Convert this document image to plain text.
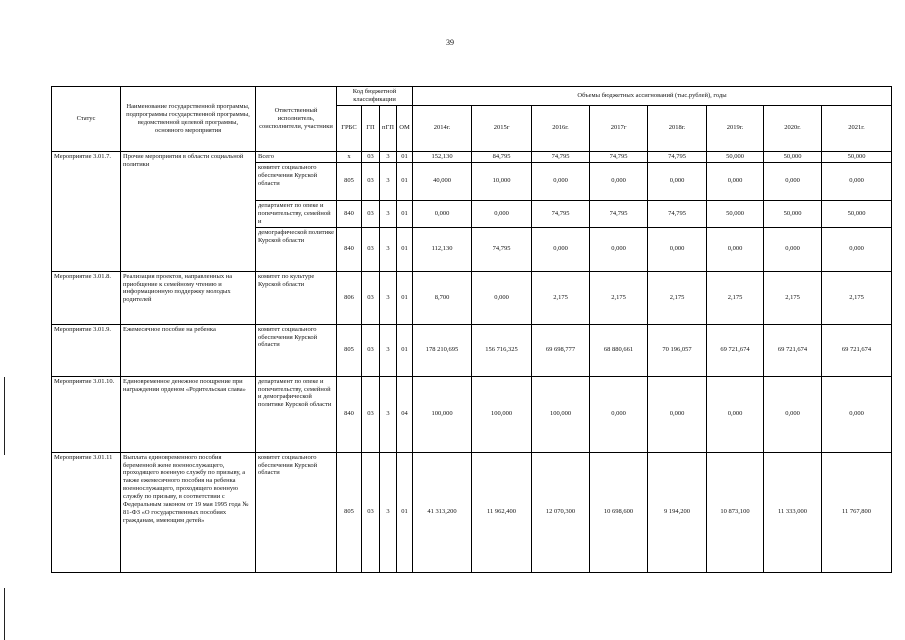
39
Статус	Наименование государственной программы, подпрограммы государственной программы, ведомственной целевой программы, основного мероприятия	Ответственный исполнитель, соисполнители, участники	Код бюджетной классификации				Объемы бюджетных ассигнований (тыс.рублей), годы							
			ГРБС	ГП	пГП	ОМ	2014г.	2015г	2016г.	2017г	2018г.	2019г.	2020г.	2021г.
Мероприятие 3.01.7.	Прочие мероприятия в области социальной политики	Всего	х	03	3	01	152,130	84,795	74,795	74,795	74,795	50,000	50,000	50,000
		комитет социального обеспечения Курской области	805	03	3	01	40,000	10,000	0,000	0,000	0,000	0,000	0,000	0,000
		департамент по опеке и попечительству, семейной и	840	03	3	01	0,000	0,000	74,795	74,795	74,795	50,000	50,000	50,000
		демографической политике Курской области	840	03	3	01	112,130	74,795	0,000	0,000	0,000	0,000	0,000	0,000
Мероприятие 3.01.8.	Реализация проектов, направленных на приобщение к семейному чтению и информационную поддержку молодых родителей	комитет по культуре Курской области	806	03	3	01	8,700	0,000	2,175	2,175	2,175	2,175	2,175	2,175
Мероприятие 3.01.9.	Ежемесячное пособие на ребенка	комитет социального обеспечения Курской области	805	03	3	01	178 210,695	156 716,325	69 698,777	68 880,661	70 196,057	69 721,674	69 721,674	69 721,674
Мероприятие 3.01.10.	Единовременное денежное поощрение при награждении орденом «Родительская слава»	департамент по опеке и попечительству, семейной и демографической политике Курской области	840	03	3	04	100,000	100,000	100,000	0,000	0,000	0,000	0,000	0,000
Мероприятие 3.01.11	Выплата единовременного пособия беременной жене военнослужащего, проходящего военную службу по призыву, а также ежемесячного пособия на ребенка военнослужащего, проходящего военную службу по призыву, в соответствии с Федеральным законом от 19 мая 1995 года № 81-ФЗ «О государственных пособиях гражданам, имеющим детей»	комитет социального обеспечения Курской области	805	03	3	01	41 313,200	11 962,400	12 070,300	10 698,600	9 194,200	10 873,100	11 333,000	11 767,800
